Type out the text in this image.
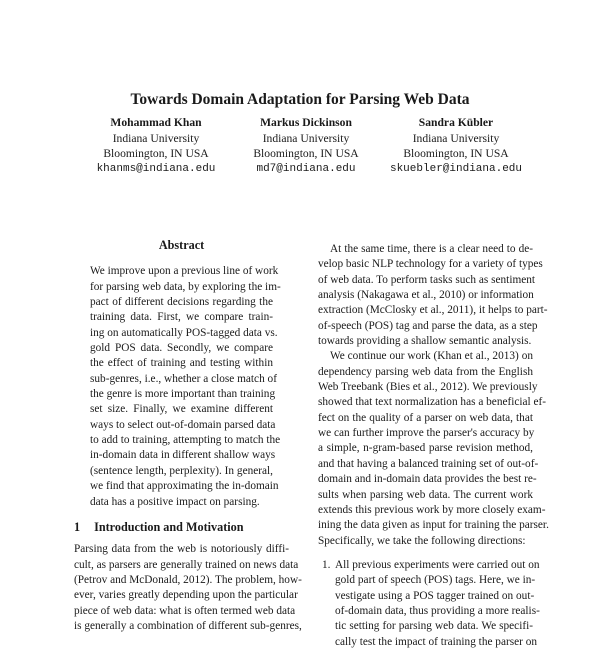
Towards Domain Adaptation for Parsing Web Data
Mohammad Khan
Indiana University
Bloomington, IN USA
khanms@indiana.edu
Markus Dickinson
Indiana University
Bloomington, IN USA
md7@indiana.edu
Sandra Kübler
Indiana University
Bloomington, IN USA
skuebler@indiana.edu
Abstract
We improve upon a previous line of work
for parsing web data, by exploring the im-
pact of different decisions regarding the
training data. First, we compare train-
ing on automatically POS-tagged data vs.
gold POS data. Secondly, we compare
the effect of training and testing within
sub-genres, i.e., whether a close match of
the genre is more important than training
set size. Finally, we examine different
ways to select out-of-domain parsed data
to add to training, attempting to match the
in-domain data in different shallow ways
(sentence length, perplexity). In general,
we find that approximating the in-domain
data has a positive impact on parsing.
1 Introduction and Motivation
Parsing data from the web is notoriously diffi-
cult, as parsers are generally trained on news data
(Petrov and McDonald, 2012). The problem, how-
ever, varies greatly depending upon the particular
piece of web data: what is often termed web data
is generally a combination of different sub-genres,
At the same time, there is a clear need to de-
velop basic NLP technology for a variety of types
of web data. To perform tasks such as sentiment
analysis (Nakagawa et al., 2010) or information
extraction (McClosky et al., 2011), it helps to part-
of-speech (POS) tag and parse the data, as a step
towards providing a shallow semantic analysis.
We continue our work (Khan et al., 2013) on
dependency parsing web data from the English
Web Treebank (Bies et al., 2012). We previously
showed that text normalization has a beneficial ef-
fect on the quality of a parser on web data, that
we can further improve the parser's accuracy by
a simple, n-gram-based parse revision method,
and that having a balanced training set of out-of-
domain and in-domain data provides the best re-
sults when parsing web data. The current work
extends this previous work by more closely exam-
ining the data given as input for training the parser.
Specifically, we take the following directions:
1. All previous experiments were carried out on
gold part of speech (POS) tags. Here, we in-
vestigate using a POS tagger trained on out-
of-domain data, thus providing a more realis-
tic setting for parsing web data. We specifi-
cally test the impact of training the parser on
